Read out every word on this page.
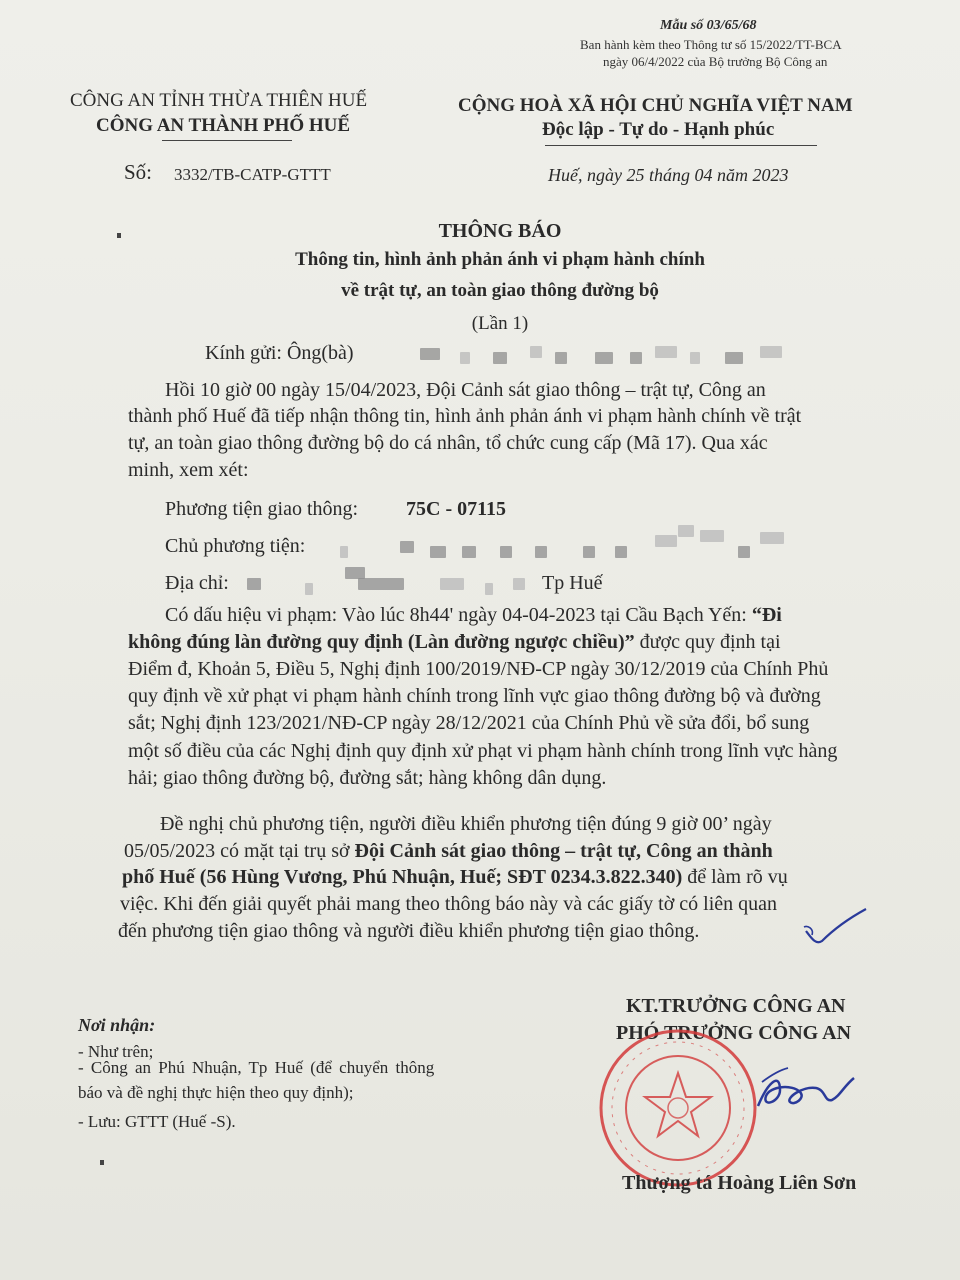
Mẫu số 03/65/68
Ban hành kèm theo Thông tư số 15/2022/TT-BCA
ngày 06/4/2022 của Bộ trưởng Bộ Công an
CÔNG AN TỈNH THỪA THIÊN HUẾ
CÔNG AN THÀNH PHỐ HUẾ
Số: 3332/TB-CATP-GTTT
CỘNG HOÀ XÃ HỘI CHỦ NGHĨA VIỆT NAM
Độc lập - Tự do - Hạnh phúc
Huế, ngày 25 tháng 04 năm 2023
THÔNG BÁO
Thông tin, hình ảnh phản ánh vi phạm hành chính
về trật tự, an toàn giao thông đường bộ
(Lần 1)
Kính gửi: Ông(bà)
Hồi 10 giờ 00 ngày 15/04/2023, Đội Cảnh sát giao thông – trật tự, Công an
thành phố Huế đã tiếp nhận thông tin, hình ảnh phản ánh vi phạm hành chính về trật
tự, an toàn giao thông đường bộ do cá nhân, tổ chức cung cấp (Mã 17). Qua xác
minh, xem xét:
Phương tiện giao thông: 75C - 07115
Chủ phương tiện:
Địa chỉ:	Tp Huế
Có dấu hiệu vi phạm: Vào lúc 8h44' ngày 04-04-2023 tại Cầu Bạch Yến: “Đi
không đúng làn đường quy định (Làn đường ngược chiều)” được quy định tại
Điểm đ, Khoản 5, Điều 5, Nghị định 100/2019/NĐ-CP ngày 30/12/2019 của Chính Phủ
quy định về xử phạt vi phạm hành chính trong lĩnh vực giao thông đường bộ và đường
sắt; Nghị định 123/2021/NĐ-CP ngày 28/12/2021 của Chính Phủ về sửa đổi, bổ sung
một số điều của các Nghị định quy định xử phạt vi phạm hành chính trong lĩnh vực hàng
hải; giao thông đường bộ, đường sắt; hàng không dân dụng.
Đề nghị chủ phương tiện, người điều khiển phương tiện đúng 9 giờ 00’ ngày
05/05/2023 có mặt tại trụ sở Đội Cảnh sát giao thông – trật tự, Công an thành
phố Huế (56 Hùng Vương, Phú Nhuận, Huế; SĐT 0234.3.822.340) để làm rõ vụ
việc. Khi đến giải quyết phải mang theo thông báo này và các giấy tờ có liên quan
đến phương tiện giao thông và người điều khiển phương tiện giao thông.
Nơi nhận:
- Như trên;
- Công an Phú Nhuận, Tp Huế (để chuyển thông
báo và đề nghị thực hiện theo quy định);
- Lưu: GTTT (Huế -S).
KT.TRƯỞNG CÔNG AN
PHÓ TRƯỞNG CÔNG AN
Thượng tá Hoàng Liên Sơn
